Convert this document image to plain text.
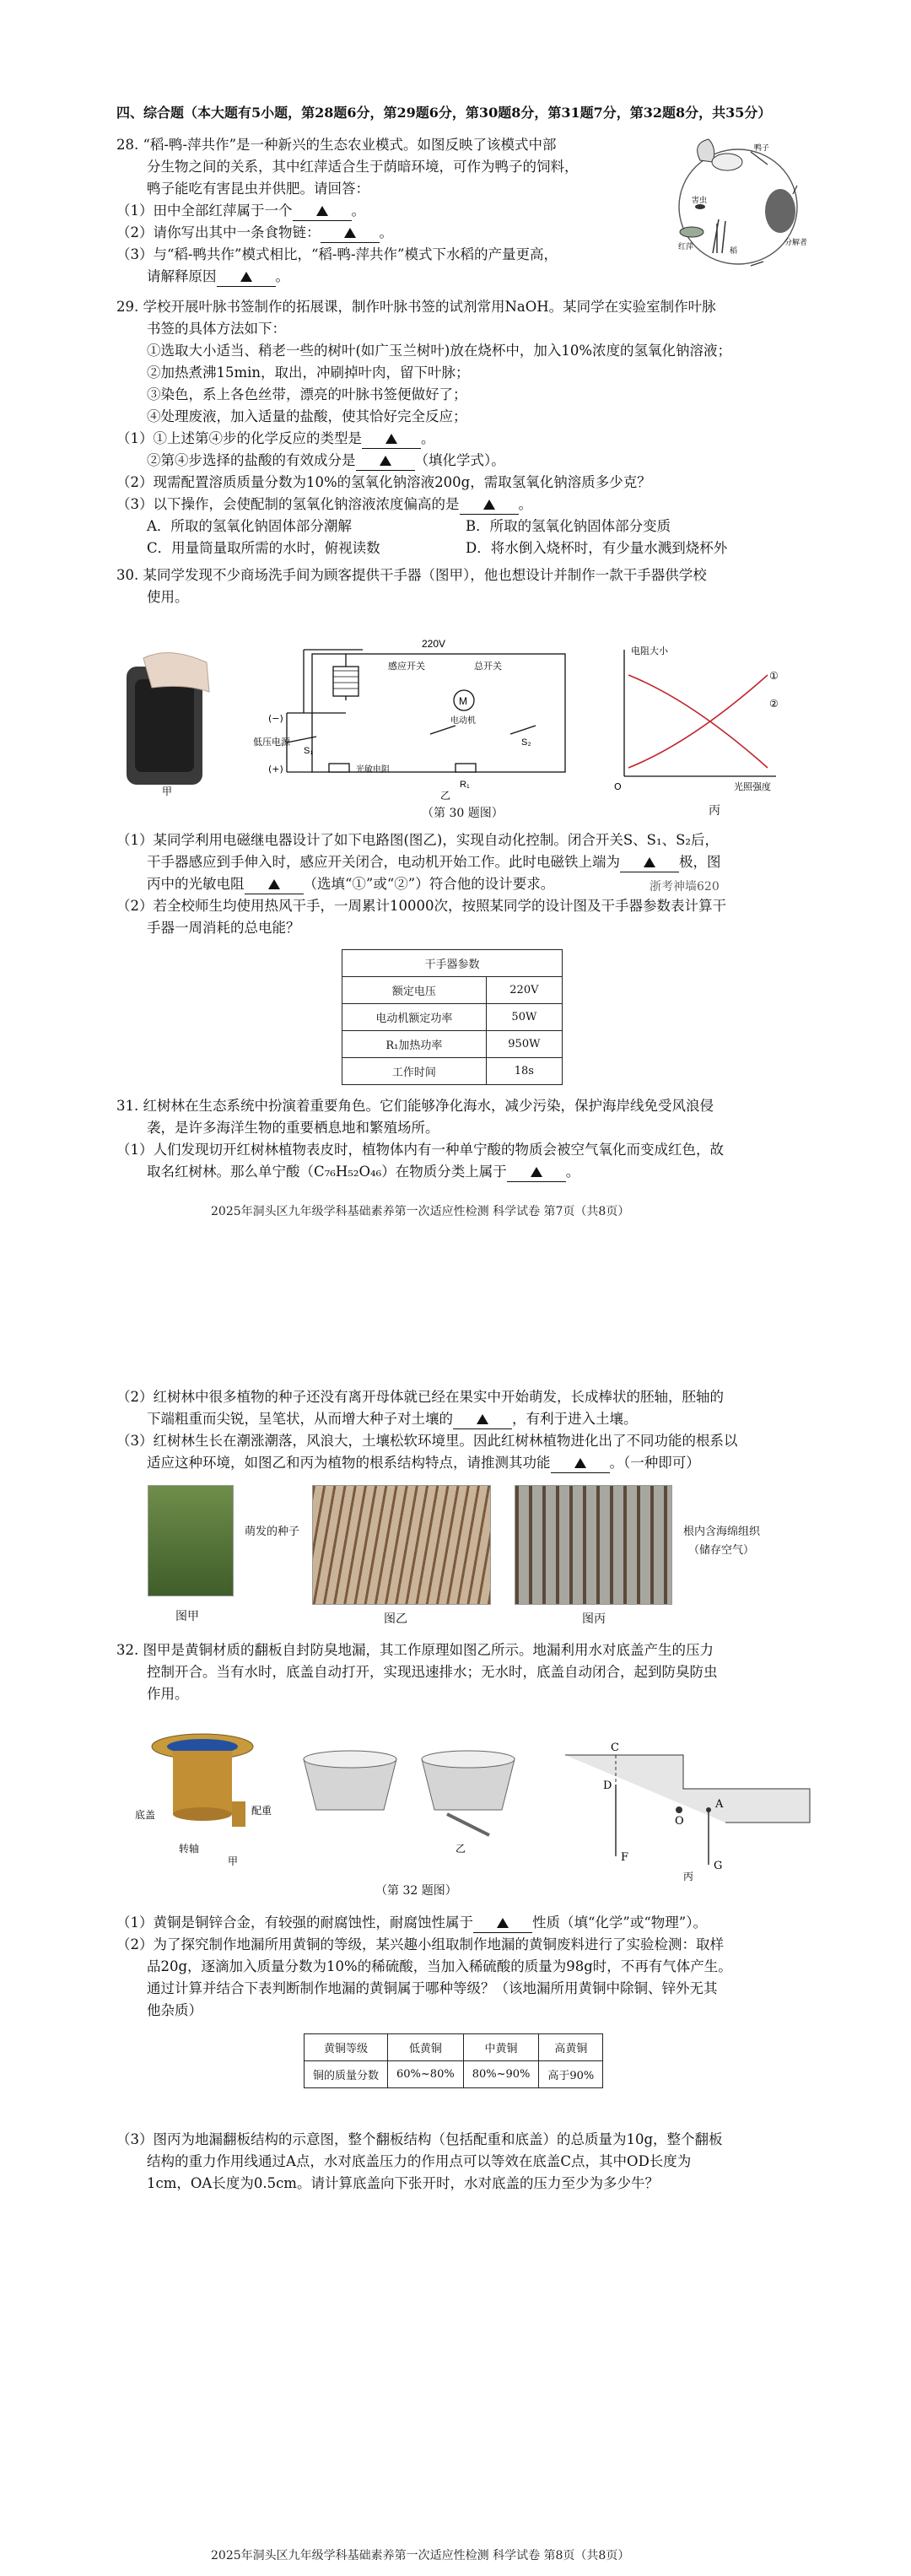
四、综合题（本大题有5小题，第28题6分，第29题6分，第30题8分，第31题7分，第32题8分，共35分）
28. “稻-鸭-萍共作”是一种新兴的生态农业模式。如图反映了该模式中部
分生物之间的关系，其中红萍适合生于荫暗环境，可作为鸭子的饲料，
鸭子能吃有害昆虫并供肥。请回答：
（1）田中全部红萍属于一个	。
（2）请你写出其中一条食物链：	。
（3）与“稻-鸭共作”模式相比，“稻-鸭-萍共作”模式下水稻的产量更高，
请解释原因	。
鸭子
害虫
红萍	稻
分解者
29. 学校开展叶脉书签制作的拓展课，制作叶脉书签的试剂常用NaOH。某同学在实验室制作叶脉
书签的具体方法如下：
①选取大小适当、稍老一些的树叶(如广玉兰树叶)放在烧杯中，加入10%浓度的氢氧化钠溶液；
②加热煮沸15min，取出，冲刷掉叶肉，留下叶脉；
③染色，系上各色丝带，漂亮的叶脉书签便做好了；
④处理废液，加入适量的盐酸，使其恰好完全反应；
（1）①上述第④步的化学反应的类型是	。
②第④步选择的盐酸的有效成分是	（填化学式）。
（2）现需配置溶质质量分数为10%的氢氧化钠溶液200g，需取氢氧化钠溶质多少克？
（3）以下操作，会使配制的氢氧化钠溶液浓度偏高的是	。
A．所取的氢氧化钠固体部分潮解	B．所取的氢氧化钠固体部分变质
C．用量筒量取所需的水时，俯视读数	D．将水倒入烧杯时，有少量水溅到烧杯外
30. 某同学发现不少商场洗手间为顾客提供干手器（图甲），他也想设计并制作一款干手器供学校
使用。
甲
220V
感应开关	总开关
M
电动机
(−)
低压电源
(+)
S₁
光敏电阻
R₁
S₂
乙
电阻大小
光照强度
O
①
②
丙
（第 30 题图）
（1）某同学利用电磁继电器设计了如下电路图(图乙)，实现自动化控制。闭合开关S、S₁、S₂后，
干手器感应到手伸入时，感应开关闭合，电动机开始工作。此时电磁铁上端为	极，图
丙中的光敏电阻	（选填“①”或“②”）符合他的设计要求。	浙考神墙620
（2）若全校师生均使用热风干手，一周累计10000次，按照某同学的设计图及干手器参数表计算干
手器一周消耗的总电能？
干手器参数	
额定电压	220V
电动机额定功率	50W
R₁加热功率	950W
工作时间	18s
31. 红树林在生态系统中扮演着重要角色。它们能够净化海水，减少污染，保护海岸线免受风浪侵
袭，是许多海洋生物的重要栖息地和繁殖场所。
（1）人们发现切开红树林植物表皮时，植物体内有一种单宁酸的物质会被空气氧化而变成红色，故
取名红树林。那么单宁酸（C₇₆H₅₂O₄₆）在物质分类上属于	。
2025年洞头区九年级学科基础素养第一次适应性检测 科学试卷 第7页（共8页）
（2）红树林中很多植物的种子还没有离开母体就已经在果实中开始萌发，长成棒状的胚轴，胚轴的
下端粗重而尖锐，呈笔状，从而增大种子对土壤的	，有利于进入土壤。
（3）红树林生长在潮涨潮落，风浪大，土壤松软环境里。因此红树林植物进化出了不同功能的根系以
适应这种环境，如图乙和丙为植物的根系结构特点，请推测其功能	。（一种即可）
萌发的种子	根内含海绵组织
（储存空气）
图甲	图乙	图丙
32. 图甲是黄铜材质的翻板自封防臭地漏，其工作原理如图乙所示。地漏利用水对底盖产生的压力
控制开合。当有水时，底盖自动打开，实现迅速排水；无水时，底盖自动闭合，起到防臭防虫
作用。
底盖	配重
转轴
甲
乙
C
D
O
A
F
G
丙
（第 32 题图）
（1）黄铜是铜锌合金，有较强的耐腐蚀性，耐腐蚀性属于	性质（填“化学”或“物理”）。
（2）为了探究制作地漏所用黄铜的等级，某兴趣小组取制作地漏的黄铜废料进行了实验检测：取样
品20g，逐滴加入质量分数为10%的稀硫酸，当加入稀硫酸的质量为98g时，不再有气体产生。
通过计算并结合下表判断制作地漏的黄铜属于哪种等级？（该地漏所用黄铜中除铜、锌外无其
他杂质）
黄铜等级	低黄铜	中黄铜	高黄铜
铜的质量分数	60%~80%	80%~90%	高于90%
（3）图丙为地漏翻板结构的示意图，整个翻板结构（包括配重和底盖）的总质量为10g，整个翻板
结构的重力作用线通过A点，水对底盖压力的作用点可以等效在底盖C点，其中OD长度为
1cm，OA长度为0.5cm。请计算底盖向下张开时，水对底盖的压力至少为多少牛？
2025年洞头区九年级学科基础素养第一次适应性检测 科学试卷 第8页（共8页）
